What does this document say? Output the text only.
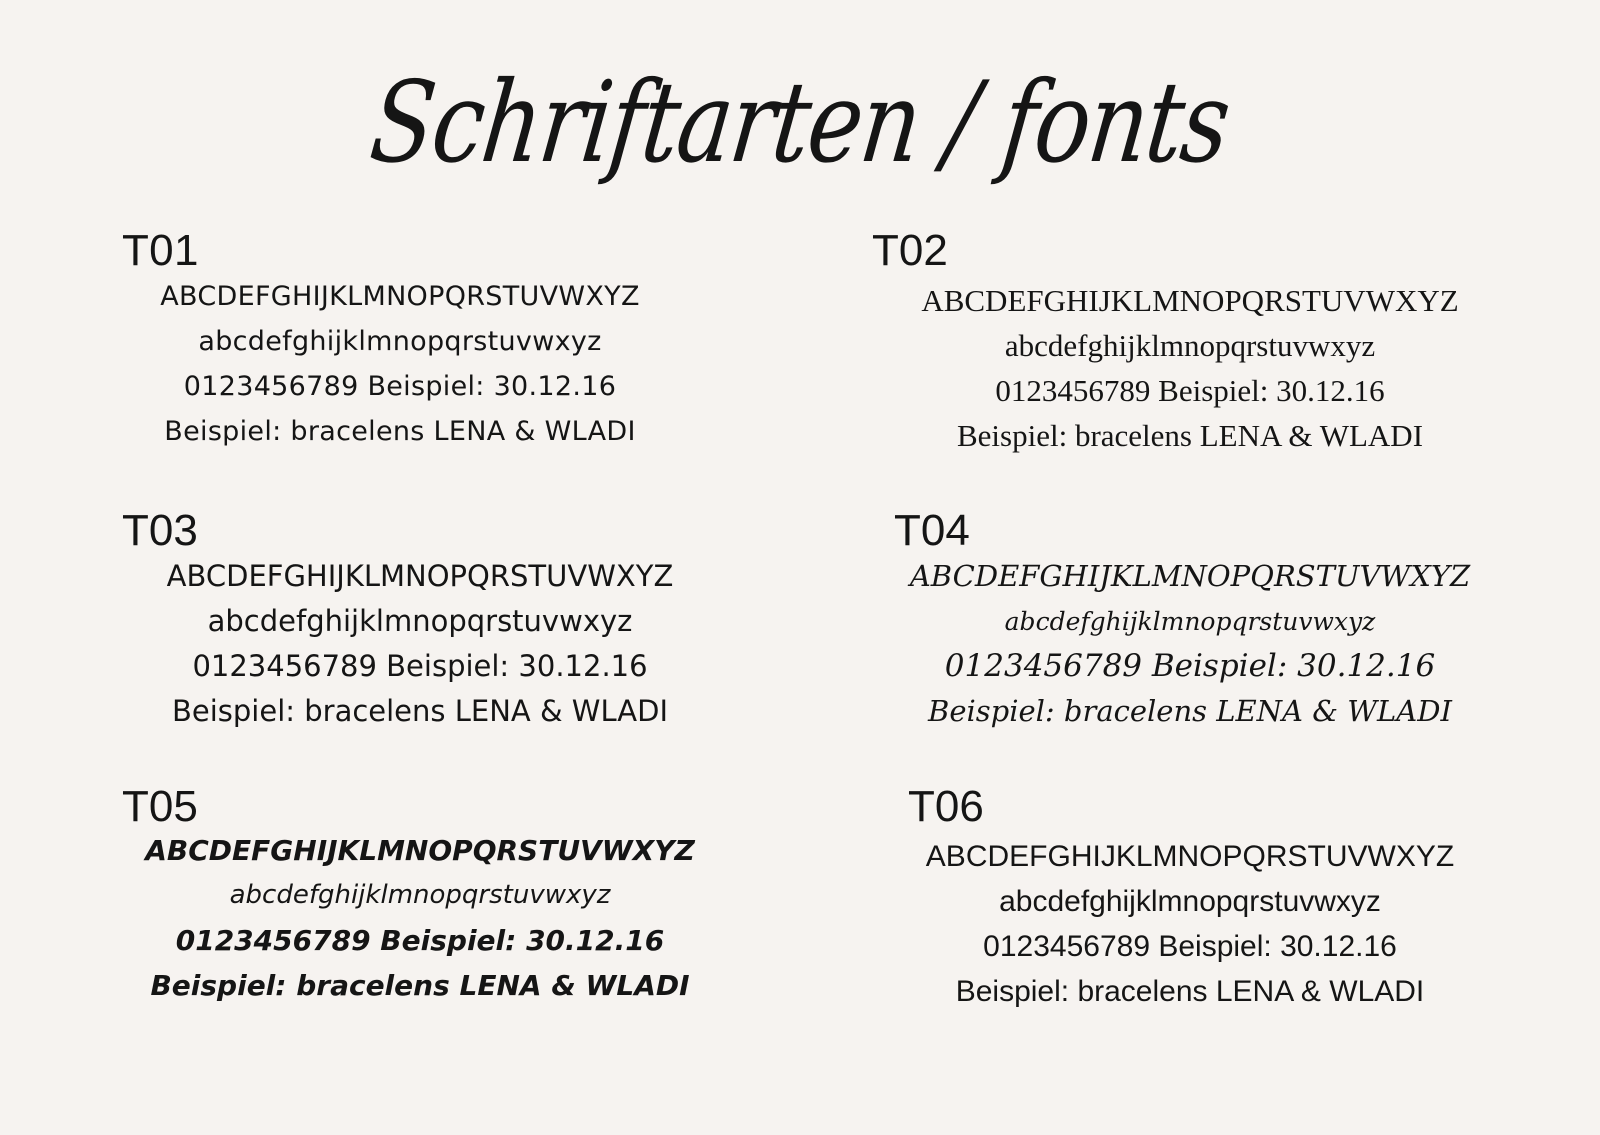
Schriftarten / fonts
T01
ABCDEFGHIJKLMNOPQRSTUVWXYZ
abcdefghijklmnopqrstuvwxyz
0123456789 Beispiel: 30.12.16
Beispiel: bracelens LENA & WLADI
T02
ABCDEFGHIJKLMNOPQRSTUVWXYZ
abcdefghijklmnopqrstuvwxyz
0123456789 Beispiel: 30.12.16
Beispiel: bracelens LENA & WLADI
T03
ABCDEFGHIJKLMNOPQRSTUVWXYZ
abcdefghijklmnopqrstuvwxyz
0123456789 Beispiel: 30.12.16
Beispiel: bracelens LENA & WLADI
T04
ABCDEFGHIJKLMNOPQRSTUVWXYZ
abcdefghijklmnopqrstuvwxyz
0123456789 Beispiel: 30.12.16
Beispiel: bracelens LENA & WLADI
T05
ABCDEFGHIJKLMNOPQRSTUVWXYZ
abcdefghijklmnopqrstuvwxyz
0123456789 Beispiel: 30.12.16
Beispiel: bracelens LENA & WLADI
T06
ABCDEFGHIJKLMNOPQRSTUVWXYZ
abcdefghijklmnopqrstuvwxyz
0123456789 Beispiel: 30.12.16
Beispiel: bracelens LENA & WLADI
